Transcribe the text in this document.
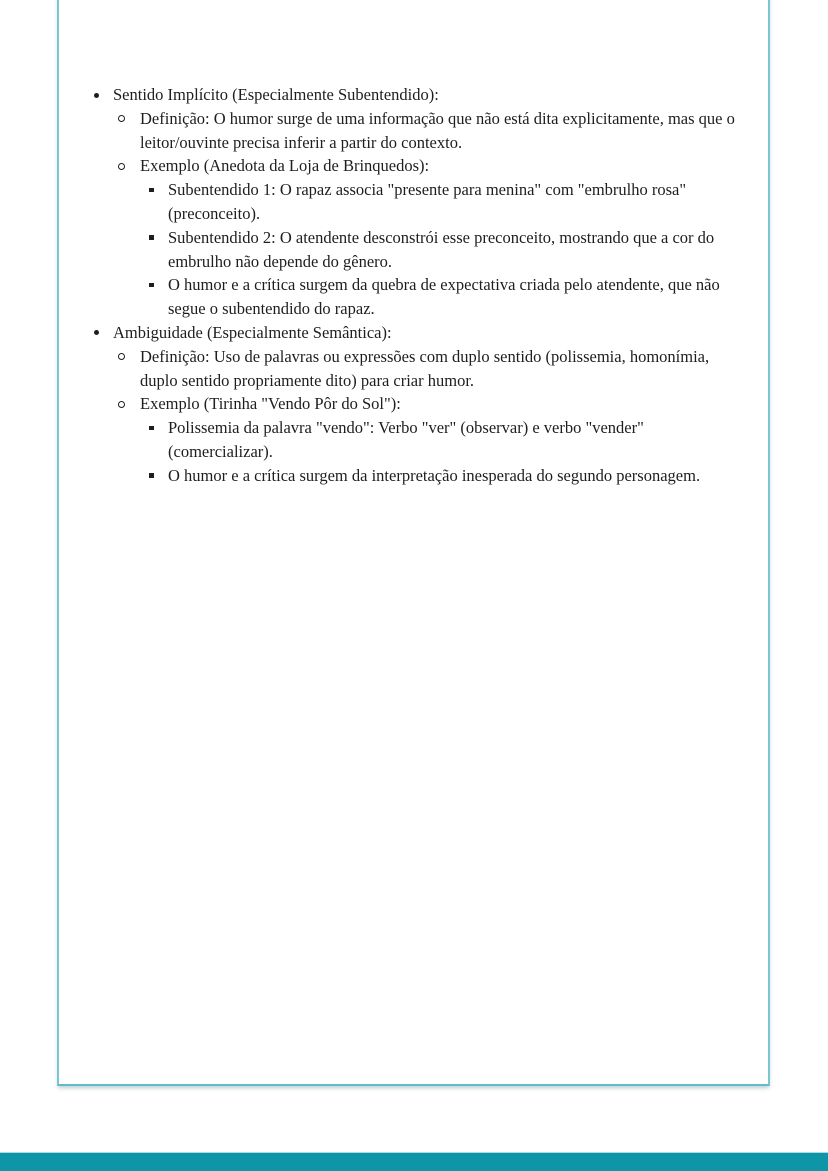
Sentido Implícito (Especialmente Subentendido):
Definição: O humor surge de uma informação que não está dita explicitamente, mas que o leitor/ouvinte precisa inferir a partir do contexto.
Exemplo (Anedota da Loja de Brinquedos):
Subentendido 1: O rapaz associa "presente para menina" com "embrulho rosa" (preconceito).
Subentendido 2: O atendente desconstrói esse preconceito, mostrando que a cor do embrulho não depende do gênero.
O humor e a crítica surgem da quebra de expectativa criada pelo atendente, que não segue o subentendido do rapaz.
Ambiguidade (Especialmente Semântica):
Definição: Uso de palavras ou expressões com duplo sentido (polissemia, homonímia, duplo sentido propriamente dito) para criar humor.
Exemplo (Tirinha "Vendo Pôr do Sol"):
Polissemia da palavra "vendo": Verbo "ver" (observar) e verbo "vender" (comercializar).
O humor e a crítica surgem da interpretação inesperada do segundo personagem.
